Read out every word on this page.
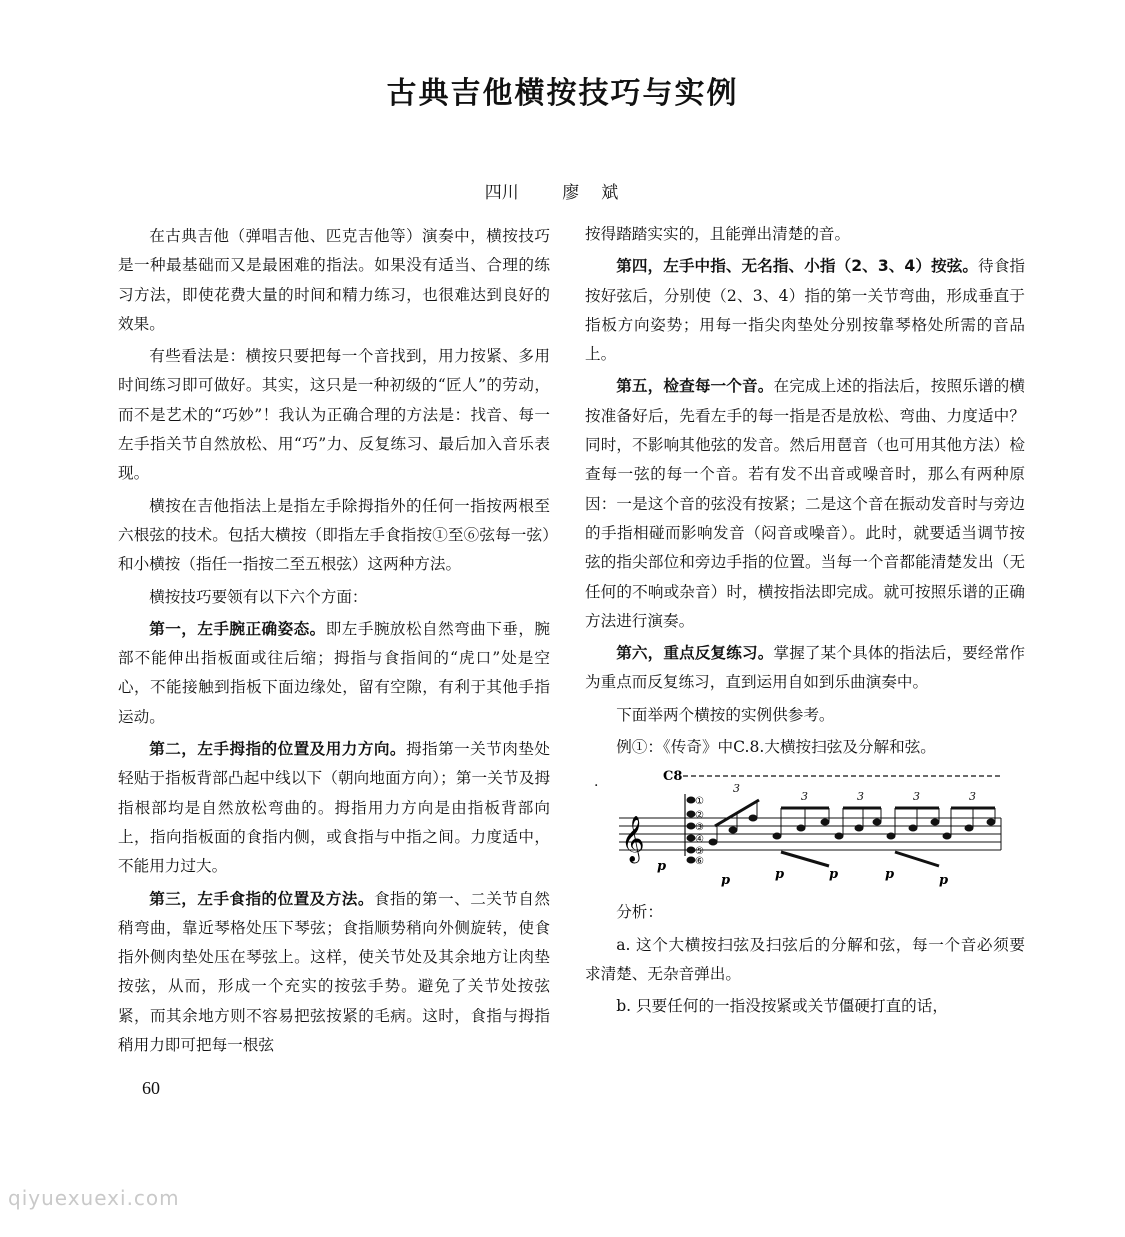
古典吉他横按技巧与实例
四川	廖斌

在古典吉他（弹唱吉他、匹克吉他等）演奏中，横按技巧是一种最基础而又是最困难的指法。如果没有适当、合理的练习方法，即使花费大量的时间和精力练习，也很难达到良好的效果。

有些看法是：横按只要把每一个音找到，用力按紧、多用时间练习即可做好。其实，这只是一种初级的“匠人”的劳动，而不是艺术的“巧妙”！我认为正确合理的方法是：找音、每一左手指关节自然放松、用“巧”力、反复练习、最后加入音乐表现。

横按在吉他指法上是指左手除拇指外的任何一指按两根至六根弦的技术。包括大横按（即指左手食指按①至⑥弦每一弦）和小横按（指任一指按二至五根弦）这两种方法。

横按技巧要领有以下六个方面：

第一，左手腕正确姿态。即左手腕放松自然弯曲下垂，腕部不能伸出指板面或往后缩；拇指与食指间的“虎口”处是空心，不能接触到指板下面边缘处，留有空隙，有利于其他手指运动。

第二，左手拇指的位置及用力方向。拇指第一关节肉垫处轻贴于指板背部凸起中线以下（朝向地面方向）；第一关节及拇指根部均是自然放松弯曲的。拇指用力方向是由指板背部向上，指向指板面的食指内侧，或食指与中指之间。力度适中，不能用力过大。

第三，左手食指的位置及方法。食指的第一、二关节自然稍弯曲，靠近琴格处压下琴弦；食指顺势稍向外侧旋转，使食指外侧肉垫处压在琴弦上。这样，使关节处及其余地方让肉垫按弦，从而，形成一个充实的按弦手势。避免了关节处按弦紧，而其余地方则不容易把弦按紧的毛病。这时，食指与拇指稍用力即可把每一根弦

按得踏踏实实的，且能弹出清楚的音。

第四，左手中指、无名指、小指（2、3、4）按弦。待食指按好弦后，分别使（2、3、4）指的第一关节弯曲，形成垂直于指板方向姿势；用每一指尖肉垫处分别按靠琴格处所需的音品上。

第五，检查每一个音。在完成上述的指法后，按照乐谱的横按准备好后，先看左手的每一指是否是放松、弯曲、力度适中？同时，不影响其他弦的发音。然后用琶音（也可用其他方法）检查每一弦的每一个音。若有发不出音或噪音时，那么有两种原因：一是这个音的弦没有按紧；二是这个音在振动发音时与旁边的手指相碰而影响发音（闷音或噪音）。此时，就要适当调节按弦的指尖部位和旁边手指的位置。当每一个音都能清楚发出（无任何的不响或杂音）时，横按指法即完成。就可按照乐谱的正确方法进行演奏。

第六，重点反复练习。掌握了某个具体的指法后，要经常作为重点而反复练习，直到运用自如到乐曲演奏中。

下面举两个横按的实例供参考。

例①：《传奇》中C.8.大横按扫弦及分解和弦。

C8
𝄞
①
②
③
④
⑤
⑥
3
3	3	3	3
p
p	p	p	p	p

分析：

a. 这个大横按扫弦及扫弦后的分解和弦，每一个音必须要求清楚、无杂音弹出。

b. 只要任何的一指没按紧或关节僵硬打直的话，

·
60
qiyuexuexi.com
